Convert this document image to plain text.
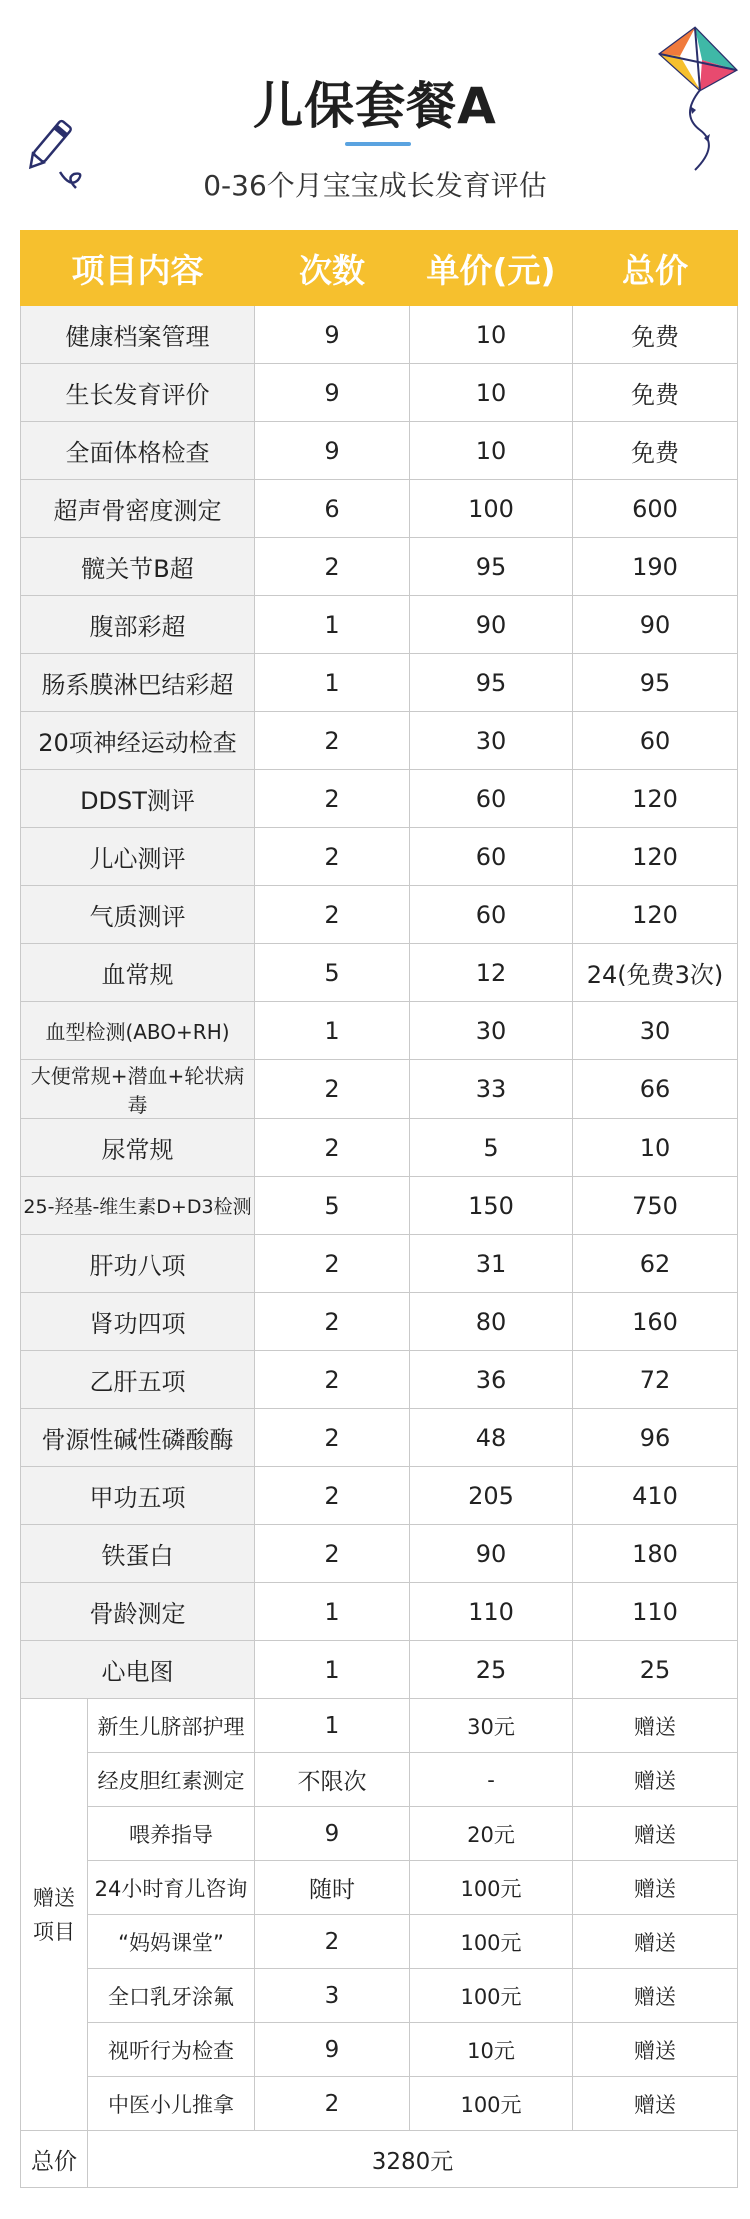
儿保套餐A
0-36个月宝宝成长发育评估
项目内容		次数	单价(元)	总价
健康档案管理		9	10	免费
生长发育评价		9	10	免费
全面体格检查		9	10	免费
超声骨密度测定		6	100	600
髋关节B超		2	95	190
腹部彩超		1	90	90
肠系膜淋巴结彩超		1	95	95
20项神经运动检查		2	30	60
DDST测评		2	60	120
儿心测评		2	60	120
气质测评		2	60	120
血常规		5	12	24(免费3次)
血型检测(ABO+RH)		1	30	30
大便常规+潜血+轮状病毒		2	33	66
尿常规		2	5	10
25-羟基-维生素D+D3检测		5	150	750
肝功八项		2	31	62
肾功四项		2	80	160
乙肝五项		2	36	72
骨源性碱性磷酸酶		2	48	96
甲功五项		2	205	410
铁蛋白		2	90	180
骨龄测定		1	110	110
心电图		1	25	25

赠送
项目	新生儿脐部护理	1	30元	赠送
	经皮胆红素测定	不限次	-	赠送
	喂养指导	9	20元	赠送
	24小时育儿咨询	随时	100元	赠送
	“妈妈课堂”	2	100元	赠送
	全口乳牙涂氟	3	100元	赠送
	视听行为检查	9	10元	赠送
	中医小儿推拿	2	100元	赠送
总价	3280元			
